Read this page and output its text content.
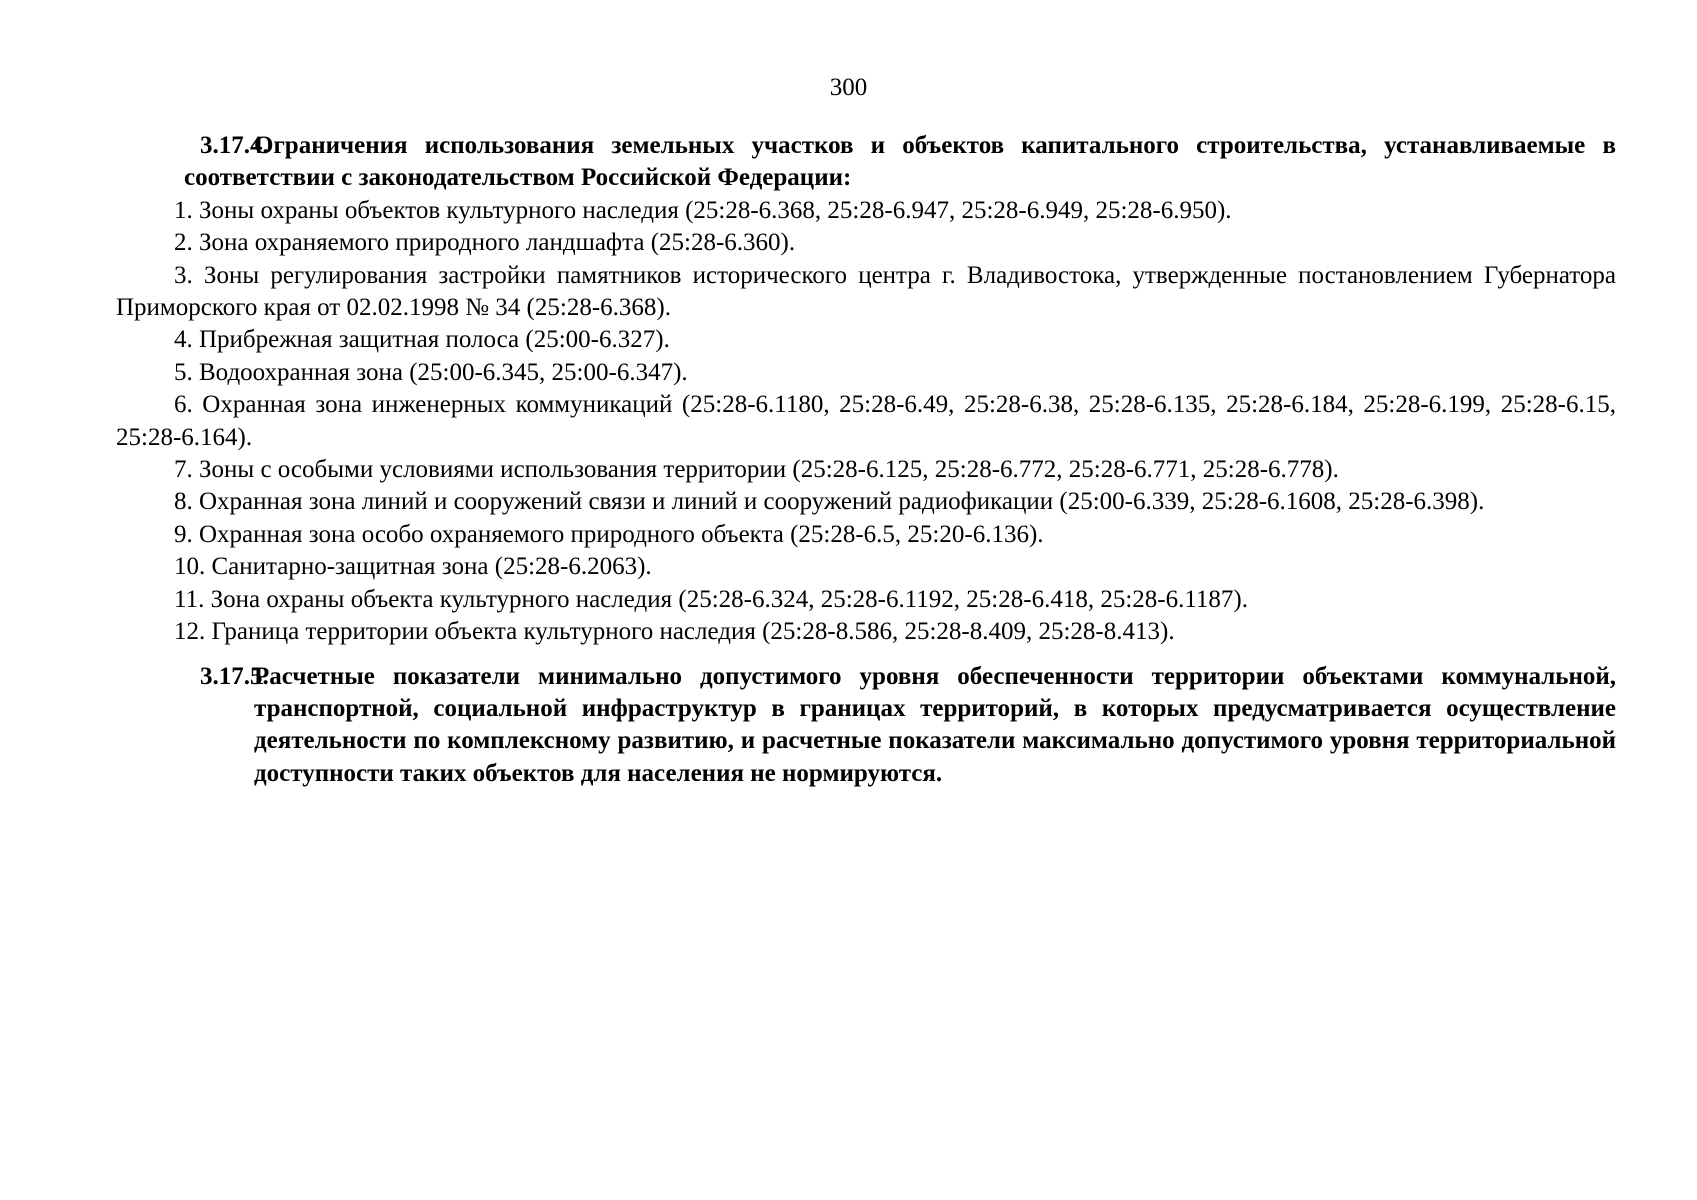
300
3.17.4.
Ограничения использования земельных участков и объектов капитального строительства, устанавливаемые в соответствии с законодательством Российской Федерации:
1. Зоны охраны объектов культурного наследия (25:28-6.368, 25:28-6.947, 25:28-6.949, 25:28-6.950).
2. Зона охраняемого природного ландшафта (25:28-6.360).
3. Зоны регулирования застройки памятников исторического центра г. Владивостока, утвержденные постановлением Губернатора Приморского края от 02.02.1998 № 34 (25:28-6.368).
4. Прибрежная защитная полоса (25:00-6.327).
5. Водоохранная зона (25:00-6.345, 25:00-6.347).
6. Охранная зона инженерных коммуникаций (25:28-6.1180, 25:28-6.49, 25:28-6.38, 25:28-6.135, 25:28-6.184, 25:28-6.199, 25:28-6.15, 25:28-6.164).
7. Зоны с особыми условиями использования территории (25:28-6.125, 25:28-6.772, 25:28-6.771, 25:28-6.778).
8. Охранная зона линий и сооружений связи и линий и сооружений радиофикации (25:00-6.339, 25:28-6.1608, 25:28-6.398).
9. Охранная зона особо охраняемого природного объекта (25:28-6.5, 25:20-6.136).
10. Санитарно-защитная зона (25:28-6.2063).
11. Зона охраны объекта культурного наследия (25:28-6.324, 25:28-6.1192, 25:28-6.418, 25:28-6.1187).
12. Граница территории объекта культурного наследия (25:28-8.586, 25:28-8.409, 25:28-8.413).
3.17.5.
Расчетные показатели минимально допустимого уровня обеспеченности территории объектами коммунальной, транспортной, социальной инфраструктур в границах территорий, в которых предусматривается осуществление деятельности по комплексному развитию, и расчетные показатели максимально допустимого уровня территориальной доступности таких объектов для населения не нормируются.
